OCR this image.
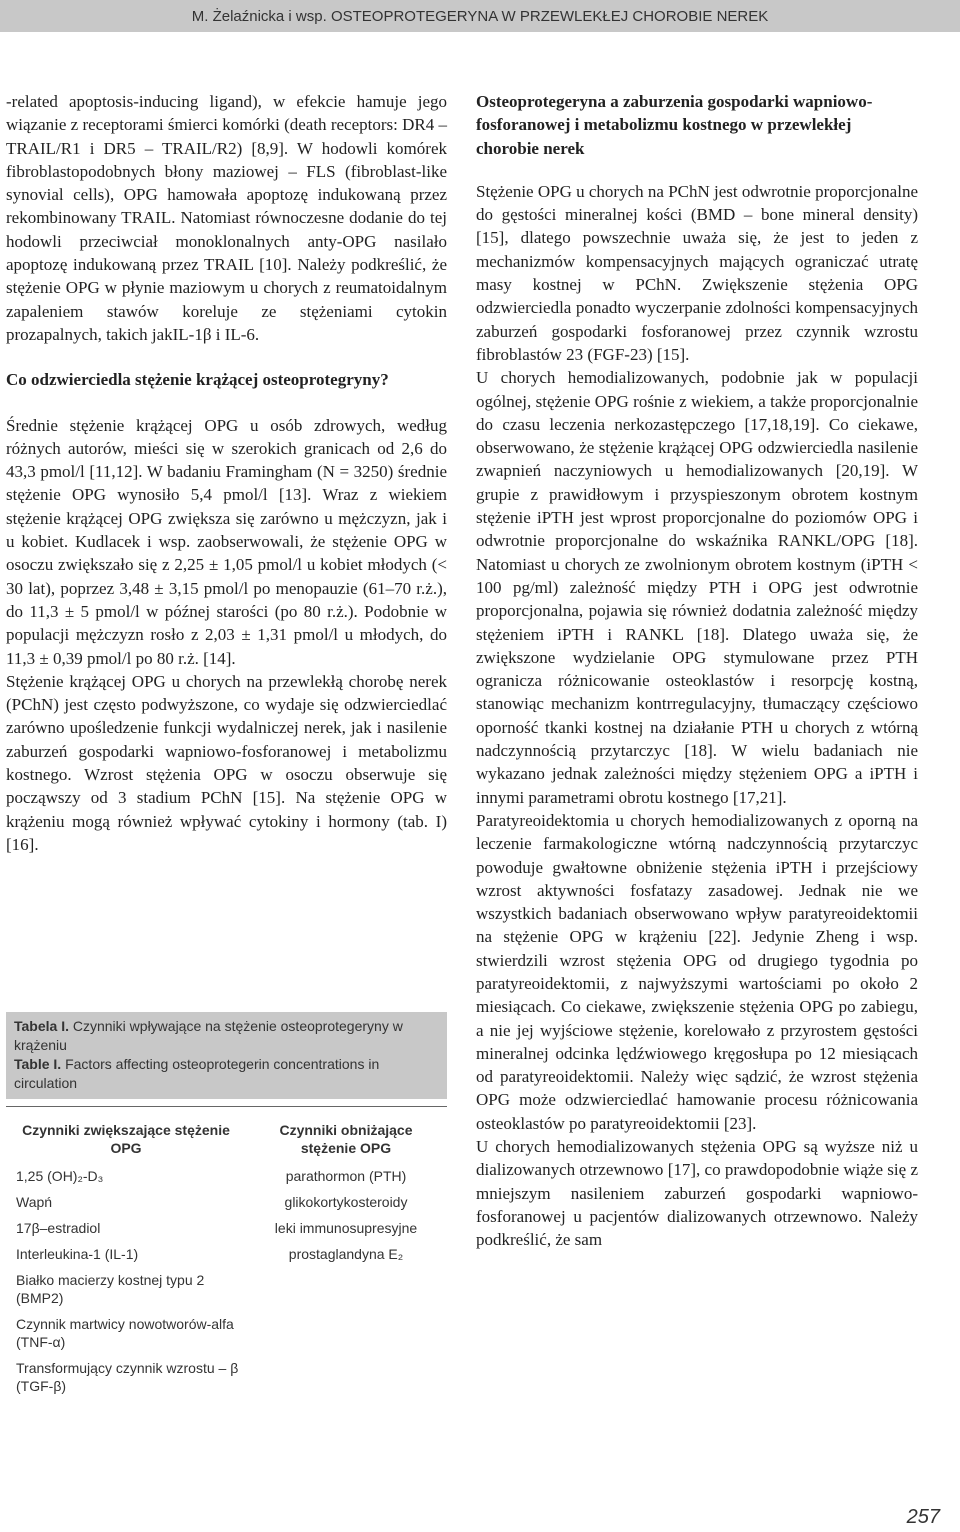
M. Żelaźnicka i wsp. OSTEOPROTEGERYNA W PRZEWLEKŁEJ CHOROBIE NEREK

-related apoptosis-inducing ligand), w efekcie hamuje jego wiązanie z receptorami śmierci komórki (death receptors: DR4 – TRAIL/R1 i DR5 – TRAIL/R2) [8,9]. W hodowli komórek fibroblastopodobnych błony maziowej – FLS (fibroblast-like synovial cells), OPG hamowała apoptozę indukowaną przez rekombinowany TRAIL. Natomiast równoczesne dodanie do tej hodowli przeciwciał monoklonalnych anty-OPG nasilało apoptozę indukowaną przez TRAIL [10]. Należy podkreślić, że stężenie OPG w płynie maziowym u chorych z reumatoidalnym zapaleniem stawów koreluje ze stężeniami cytokin prozapalnych, takich jakIL-1β i IL-6.

Co odzwierciedla stężenie krążącej osteoprotegryny?

Średnie stężenie krążącej OPG u osób zdrowych, według różnych autorów, mieści się w szerokich granicach od 2,6 do 43,3 pmol/l [11,12]. W badaniu Framingham (N = 3250) średnie stężenie OPG wynosiło 5,4 pmol/l [13]. Wraz z wiekiem stężenie krążącej OPG zwiększa się zarówno u mężczyzn, jak i u kobiet. Kudlacek i wsp. zaobserwowali, że stężenie OPG w osoczu zwiększało się z 2,25 ± 1,05 pmol/l u kobiet młodych (< 30 lat), poprzez 3,48 ± 3,15 pmol/l po menopauzie (61–70 r.ż.), do 11,3 ± 5 pmol/l w późnej starości (po 80 r.ż.). Podobnie w populacji mężczyzn rosło z 2,03 ± 1,31 pmol/l u młodych, do 11,3 ± 0,39 pmol/l po 80 r.ż. [14].

Stężenie krążącej OPG u chorych na przewlekłą chorobę nerek (PChN) jest często podwyższone, co wydaje się odzwierciedlać zarówno upośledzenie funkcji wydalniczej nerek, jak i nasilenie zaburzeń gospodarki wapniowo-fosforanowej i metabolizmu kostnego. Wzrost stężenia OPG w osoczu obserwuje się począwszy od 3 stadium PChN [15]. Na stężenie OPG w krążeniu mogą również wpływać cytokiny i hormony (tab. I) [16].

Tabela I. Czynniki wpływające na stężenie osteoprotegeryny w krążeniu
Table I. Factors affecting osteoprotegerin concentrations in circulation
Czynniki zwiększające stężenie OPG
Czynniki obniżające stężenie OPG
1,25 (OH)₂-D₃	parathormon (PTH)
Wapń	glikokortykosteroidy
17β–estradiol	leki immunosupresyjne
Interleukina-1 (IL-1)	prostaglandyna E₂
Białko macierzy kostnej typu 2 (BMP2)
Czynnik martwicy nowotworów-alfa (TNF-α)
Transformujący czynnik wzrostu – β (TGF-β)
Osteoprotegeryna a zaburzenia gospodarki wapniowo-fosforanowej i metabolizmu kostnego w przewlekłej chorobie nerek

Stężenie OPG u chorych na PChN jest odwrotnie proporcjonalne do gęstości mineralnej kości (BMD – bone mineral density) [15], dlatego powszechnie uważa się, że jest to jeden z mechanizmów kompensacyjnych mających ograniczać utratę masy kostnej w PChN. Zwiększenie stężenia OPG odzwierciedla ponadto wyczerpanie zdolności kompensacyjnych zaburzeń gospodarki fosforanowej przez czynnik wzrostu fibroblastów 23 (FGF-23) [15].

U chorych hemodializowanych, podobnie jak w populacji ogólnej, stężenie OPG rośnie z wiekiem, a także proporcjonalnie do czasu leczenia nerkozastępczego [17,18,19]. Co ciekawe, obserwowano, że stężenie krążącej OPG odzwierciedla nasilenie zwapnień naczyniowych u hemodializowanych [20,19]. W grupie z prawidłowym i przyspieszonym obrotem kostnym stężenie iPTH jest wprost proporcjonalne do poziomów OPG i odwrotnie proporcjonalne do wskaźnika RANKL/OPG [18]. Natomiast u chorych ze zwolnionym obrotem kostnym (iPTH < 100 pg/ml) zależność między PTH i OPG jest odwrotnie proporcjonalna, pojawia się również dodatnia zależność między stężeniem iPTH i RANKL [18]. Dlatego uważa się, że zwiększone wydzielanie OPG stymulowane przez PTH ogranicza różnicowanie osteoklastów i resorpcję kostną, stanowiąc mechanizm kontrregulacyjny, tłumaczący częściowo oporność tkanki kostnej na działanie PTH u chorych z wtórną nadczynnością przytarczyc [18]. W wielu badaniach nie wykazano jednak zależności między stężeniem OPG a iPTH i innymi parametrami obrotu kostnego [17,21].

Paratyreoidektomia u chorych hemodializowanych z oporną na leczenie farmakologiczne wtórną nadczynnością przytarczyc powoduje gwałtowne obniżenie stężenia iPTH i przejściowy wzrost aktywności fosfatazy zasadowej. Jednak nie we wszystkich badaniach obserwowano wpływ paratyreoidektomii na stężenie OPG w krążeniu [22]. Jedynie Zheng i wsp. stwierdzili wzrost stężenia OPG od drugiego tygodnia po paratyreoidektomii, z najwyższymi wartościami po około 2 miesiącach. Co ciekawe, zwiększenie stężenia OPG po zabiegu, a nie jej wyjściowe stężenie, korelowało z przyrostem gęstości mineralnej odcinka lędźwiowego kręgosłupa po 12 miesiącach od paratyreoidektomii. Należy więc sądzić, że wzrost stężenia OPG może odzwierciedlać hamowanie procesu różnicowania osteoklastów po paratyreoidektomii [23].

U chorych hemodializowanych stężenia OPG są wyższe niż u dializowanych otrzewnowo [17], co prawdopodobnie wiąże się z mniejszym nasileniem zaburzeń gospodarki wapniowo-fosforanowej u pacjentów dializowanych otrzewnowo. Należy podkreślić, że sam

257
